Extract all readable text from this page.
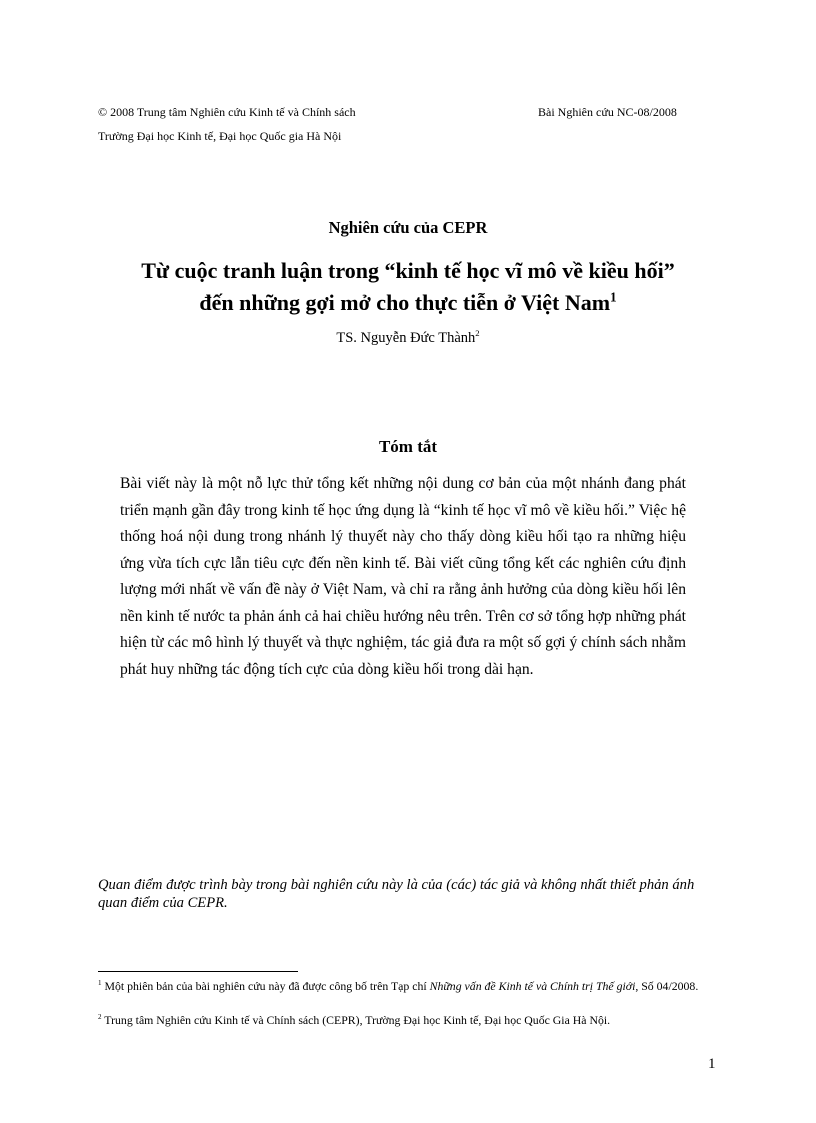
© 2008 Trung tâm Nghiên cứu Kinh tế và Chính sách	Bài Nghiên cứu NC-08/2008
Trường Đại học Kinh tế, Đại học Quốc gia Hà Nội
Nghiên cứu của CEPR
Từ cuộc tranh luận trong “kinh tế học vĩ mô về kiều hối”
đến những gợi mở cho thực tiễn ở Việt Nam$^1$
TS. Nguyễn Đức Thành$^2$
Tóm tắt
Bài viết này là một nỗ lực thử tổng kết những nội dung cơ bản của một nhánh đang phát triển mạnh gần đây trong kinh tế học ứng dụng là “kinh tế học vĩ mô về kiều hối.” Việc hệ thống hoá nội dung trong nhánh lý thuyết này cho thấy dòng kiều hối tạo ra những hiệu ứng vừa tích cực lẫn tiêu cực đến nền kinh tế. Bài viết cũng tổng kết các nghiên cứu định lượng mới nhất về vấn đề này ở Việt Nam, và chỉ ra rằng ảnh hưởng của dòng kiều hối lên nền kinh tế nước ta phản ánh cả hai chiều hướng nêu trên. Trên cơ sở tổng hợp những phát hiện từ các mô hình lý thuyết và thực nghiệm, tác giả đưa ra một số gợi ý chính sách nhằm phát huy những tác động tích cực của dòng kiều hối trong dài hạn.
Quan điểm được trình bày trong bài nghiên cứu này là của (các) tác giả và không nhất thiết phản ánh quan điểm của CEPR.
$^1$ Một phiên bản của bài nghiên cứu này đã được công bố trên Tạp chí Những vấn đề Kinh tế và Chính trị Thế giới, Số 04/2008.
$^2$ Trung tâm Nghiên cứu Kinh tế và Chính sách (CEPR), Trường Đại học Kinh tế, Đại học Quốc Gia Hà Nội.
1
